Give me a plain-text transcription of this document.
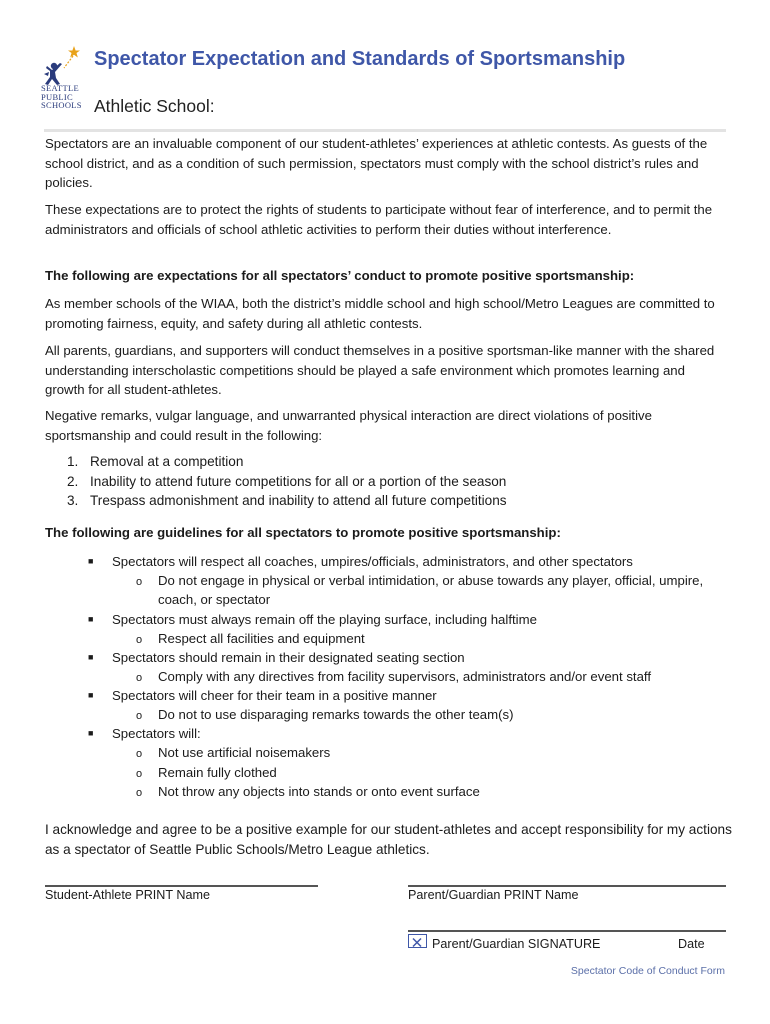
SEATTLE
PUBLIC
SCHOOLS
Spectator Expectation and Standards of Sportsmanship
Athletic School:

Spectators are an invaluable component of our student-athletes’ experiences at athletic contests. As guests of the school district, and as a condition of such permission, spectators must comply with the school district’s rules and policies.

These expectations are to protect the rights of students to participate without fear of interference, and to permit the administrators and officials of school athletic activities to perform their duties without interference.

The following are expectations for all spectators’ conduct to promote positive sportsmanship:

As member schools of the WIAA, both the district’s middle school and high school/Metro Leagues are committed to promoting fairness, equity, and safety during all athletic contests.

All parents, guardians, and supporters will conduct themselves in a positive sportsman-like manner with the shared understanding interscholastic competitions should be played a safe environment which promotes learning and growth for all student-athletes.

Negative remarks, vulgar language, and unwarranted physical interaction are direct violations of positive sportsmanship and could result in the following:

1. Removal at a competition
2. Inability to attend future competitions for all or a portion of the season
3. Trespass admonishment and inability to attend all future competitions

The following are guidelines for all spectators to promote positive sportsmanship:

■ Spectators will respect all coaches, umpires/officials, administrators, and other spectators
o Do not engage in physical or verbal intimidation, or abuse towards any player, official, umpire, coach, or spectator
■ Spectators must always remain off the playing surface, including halftime
o Respect all facilities and equipment
■ Spectators should remain in their designated seating section
o Comply with any directives from facility supervisors, administrators and/or event staff
■ Spectators will cheer for their team in a positive manner
o Do not to use disparaging remarks towards the other team(s)
■ Spectators will:
o Not use artificial noisemakers
o Remain fully clothed
o Not throw any objects into stands or onto event surface
I acknowledge and agree to be a positive example for our student-athletes and accept responsibility for my actions as a spectator of Seattle Public Schools/Metro League athletics.
Student-Athlete PRINT Name	Parent/Guardian PRINT Name
Parent/Guardian SIGNATURE	Date
Spectator Code of Conduct Form
